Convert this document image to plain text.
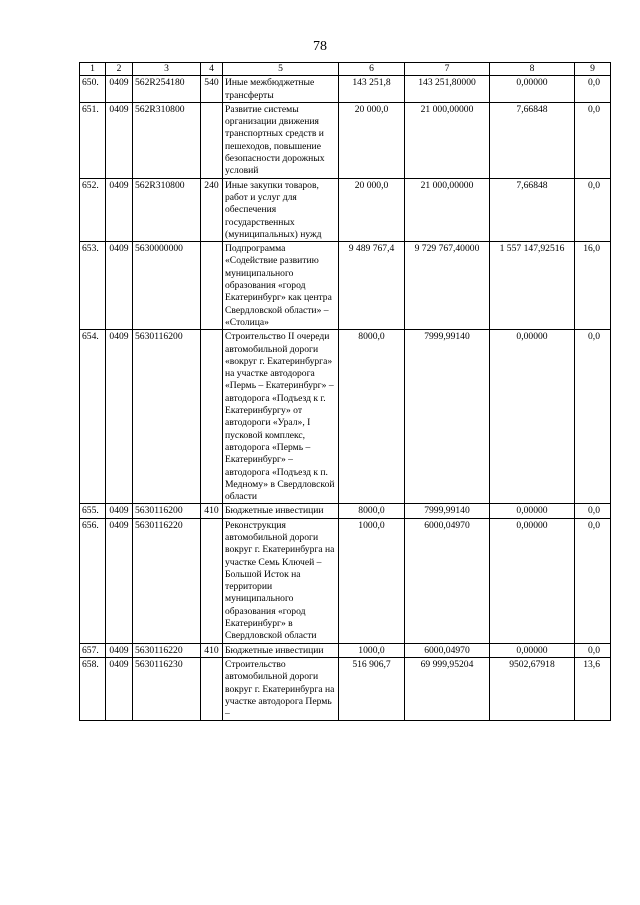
78
1	2	3	4	5	6	7	8	9
650.	0409	562R254180	540	Иные межбюджетные трансферты	143 251,8	143 251,80000	0,00000	0,0
651.	0409	562R310800		Развитие системы организации движения транспортных средств и пешеходов, повышение безопасности дорожных условий	20 000,0	21 000,00000	7,66848	0,0
652.	0409	562R310800	240	Иные закупки товаров, работ и услуг для обеспечения государственных (муниципальных) нужд	20 000,0	21 000,00000	7,66848	0,0
653.	0409	5630000000		Подпрограмма «Содействие развитию муниципального образования «город Екатеринбург» как центра Свердловской области» – «Столица»	9 489 767,4	9 729 767,40000	1 557 147,92516	16,0
654.	0409	5630116200		Строительство II очереди автомобильной дороги «вокруг г. Екатеринбурга» на участке автодорога «Пермь – Екатеринбург» – автодорога «Подъезд к г. Екатеринбургу» от автодороги «Урал», I пусковой комплекс, автодорога «Пермь – Екатеринбург» – автодорога «Подъезд к п. Медному» в Свердловской области	8000,0	7999,99140	0,00000	0,0
655.	0409	5630116200	410	Бюджетные инвестиции	8000,0	7999,99140	0,00000	0,0
656.	0409	5630116220		Реконструкция автомобильной дороги вокруг г. Екатеринбурга на участке Семь Ключей – Большой Исток на территории муниципального образования «город Екатеринбург» в Свердловской области	1000,0	6000,04970	0,00000	0,0
657.	0409	5630116220	410	Бюджетные инвестиции	1000,0	6000,04970	0,00000	0,0
658.	0409	5630116230		Строительство автомобильной дороги вокруг г. Екатеринбурга на участке автодорога Пермь –	516 906,7	69 999,95204	9502,67918	13,6
